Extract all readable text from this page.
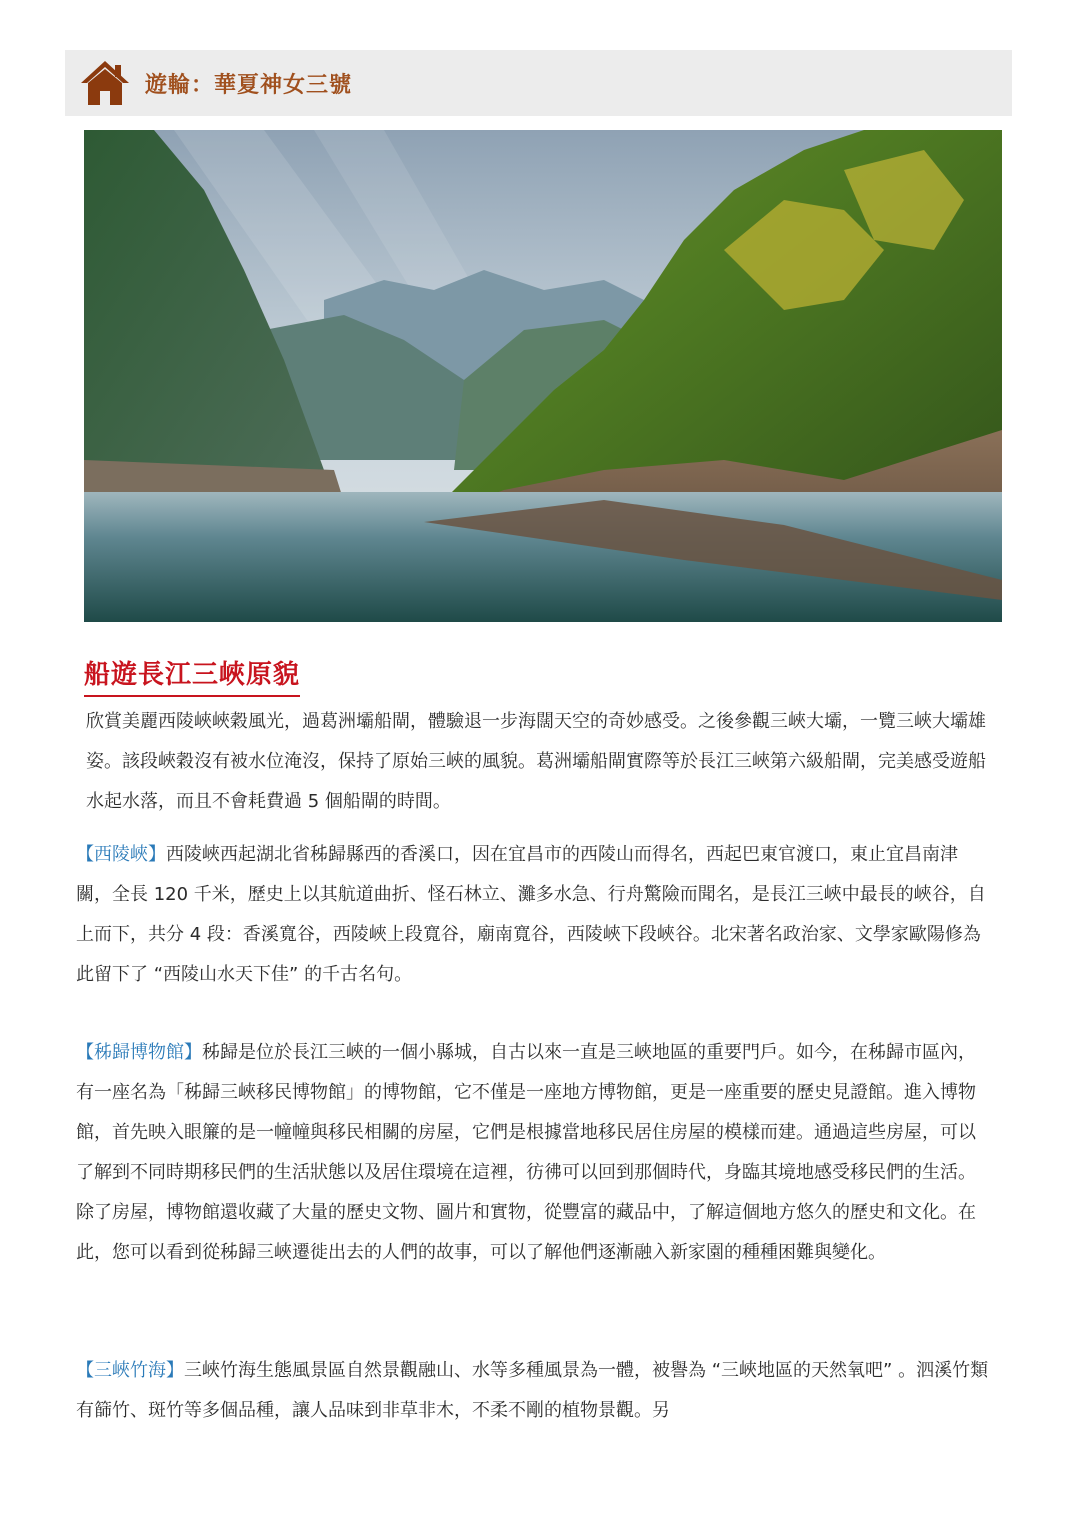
遊輪：華夏神女三號
船遊長江三峽原貌

欣賞美麗西陵峽峽穀風光，過葛洲壩船閘，體驗退一步海闊天空的奇妙感受。之後參觀三峽大壩，一覽三峽大壩雄姿。該段峽穀沒有被水位淹沒，保持了原始三峽的風貌。葛洲壩船閘實際等於長江三峽第六級船閘，完美感受遊船水起水落，而且不會耗費過 5 個船閘的時間。

【西陵峽】西陵峽西起湖北省秭歸縣西的香溪口，因在宜昌市的西陵山而得名，西起巴東官渡口，東止宜昌南津關，全長 120 千米，歷史上以其航道曲折、怪石林立、灘多水急、行舟驚險而聞名，是長江三峽中最長的峽谷，自上而下，共分 4 段：香溪寬谷，西陵峽上段寬谷，廟南寬谷，西陵峽下段峽谷。北宋著名政治家、文學家歐陽修為此留下了 “西陵山水天下佳” 的千古名句。

【秭歸博物館】秭歸是位於長江三峽的一個小縣城，自古以來一直是三峽地區的重要門戶。如今，在秭歸市區內，有一座名為「秭歸三峽移民博物館」的博物館，它不僅是一座地方博物館，更是一座重要的歷史見證館。進入博物館，首先映入眼簾的是一幢幢與移民相關的房屋，它們是根據當地移民居住房屋的模樣而建。通過這些房屋，可以了解到不同時期移民們的生活狀態以及居住環境在這裡，彷彿可以回到那個時代，身臨其境地感受移民們的生活。除了房屋，博物館還收藏了大量的歷史文物、圖片和實物，從豐富的藏品中，了解這個地方悠久的歷史和文化。在此，您可以看到從秭歸三峽遷徙出去的人們的故事，可以了解他們逐漸融入新家園的種種困難與變化。

【三峽竹海】三峽竹海生態風景區自然景觀融山、水等多種風景為一體，被譽為 “三峽地區的天然氧吧” 。泗溪竹類有篩竹、斑竹等多個品種，讓人品味到非草非木，不柔不剛的植物景觀。另
